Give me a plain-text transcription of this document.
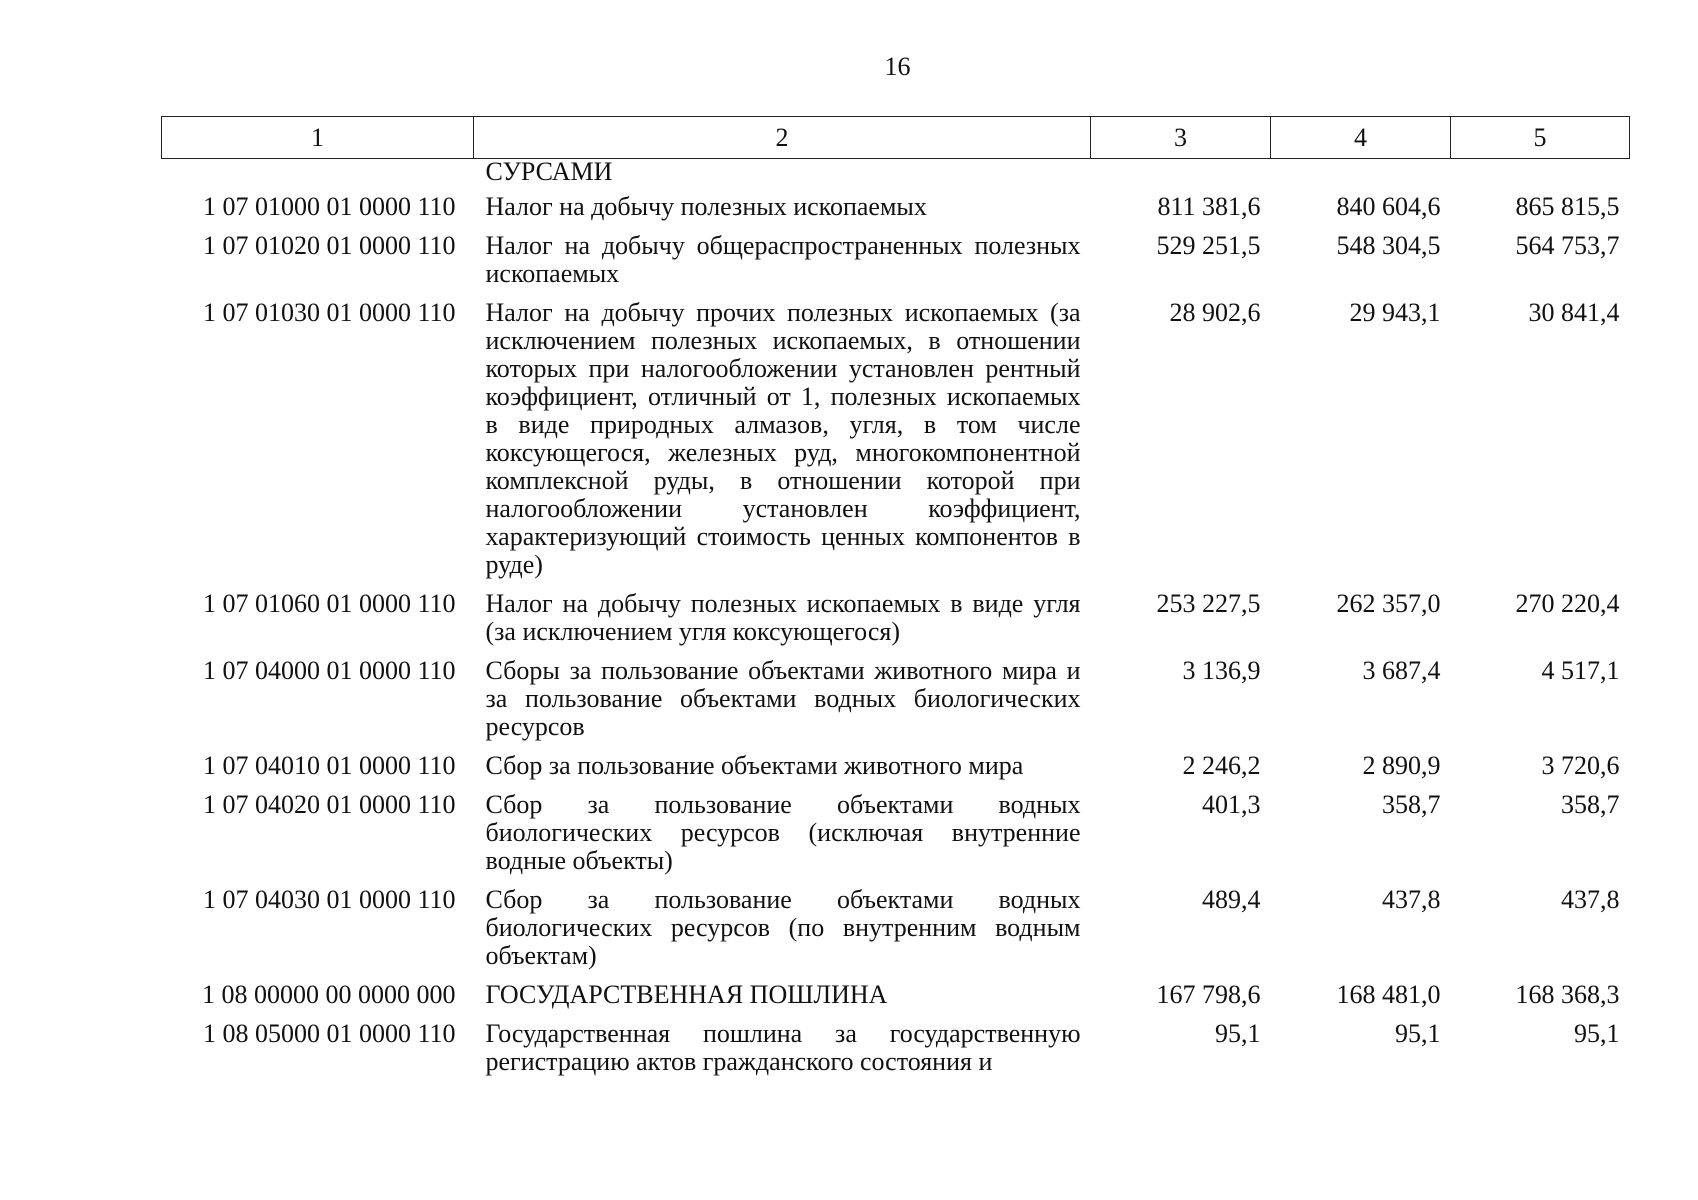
16
1	2	3	4	5
	СУРСАМИ			
1 07 01000 01 0000 110	Налог на добычу полезных ископаемых	811 381,6	840 604,6	865 815,5
1 07 01020 01 0000 110	Налог на добычу общераспространенных полезных ископаемых	529 251,5	548 304,5	564 753,7
1 07 01030 01 0000 110	Налог на добычу прочих полезных ископаемых (за исключением полезных ископаемых, в отношении которых при налогообложении установлен рентный коэффициент, отличный от 1, полезных ископаемых в виде природных алмазов, угля, в том числе коксующегося, железных руд, многокомпонентной комплексной руды, в отношении которой при налогообложении установлен коэффициент, характеризующий стоимость ценных компонентов в руде)	28 902,6	29 943,1	30 841,4
1 07 01060 01 0000 110	Налог на добычу полезных ископаемых в виде угля (за исключением угля коксующегося)	253 227,5	262 357,0	270 220,4
1 07 04000 01 0000 110	Сборы за пользование объектами животного мира и за пользование объектами водных биологических ресурсов	3 136,9	3 687,4	4 517,1
1 07 04010 01 0000 110	Сбор за пользование объектами животного мира	2 246,2	2 890,9	3 720,6
1 07 04020 01 0000 110	Сбор за пользование объектами водных биологических ресурсов (исключая внутренние водные объекты)	401,3	358,7	358,7
1 07 04030 01 0000 110	Сбор за пользование объектами водных биологических ресурсов (по внутренним водным объектам)	489,4	437,8	437,8
1 08 00000 00 0000 000	ГОСУДАРСТВЕННАЯ ПОШЛИНА	167 798,6	168 481,0	168 368,3
1 08 05000 01 0000 110	Государственная пошлина за государственную регистрацию актов гражданского состояния и	95,1	95,1	95,1
